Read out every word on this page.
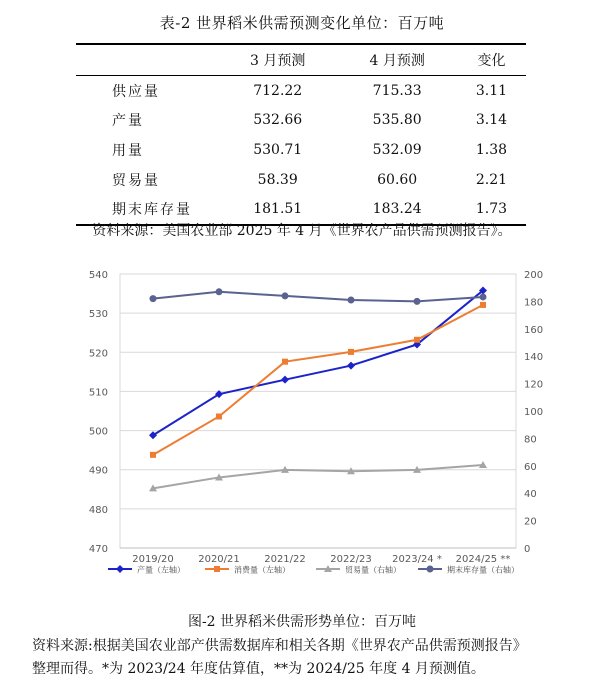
表-2 世界稻米供需预测变化单位：百万吨
	3 月预测	4 月预测	变化
供应量	712.22	715.33	3.11
产量	532.66	535.80	3.14
用量	530.71	532.09	1.38
贸易量	58.39	60.60	2.21
期末库存量	181.51	183.24	1.73
资料来源：美国农业部 2025 年 4 月《世界农产品供需预测报告》。
470
480
490
500
510
520
530
540
0
20
40
60
80
100
120
140
160
180
200
2019/20 2020/21 2021/22 2022/23 2023/24 * 2024/25 **
产量（左轴）	消费量（左轴）	贸易量（右轴）	期末库存量（右轴）
图-2 世界稻米供需形势单位：百万吨
资料来源:根据美国农业部产供需数据库和相关各期《世界农产品供需预测报告》
整理而得。*为 2023/24 年度估算值，**为 2024/25 年度 4 月预测值。
